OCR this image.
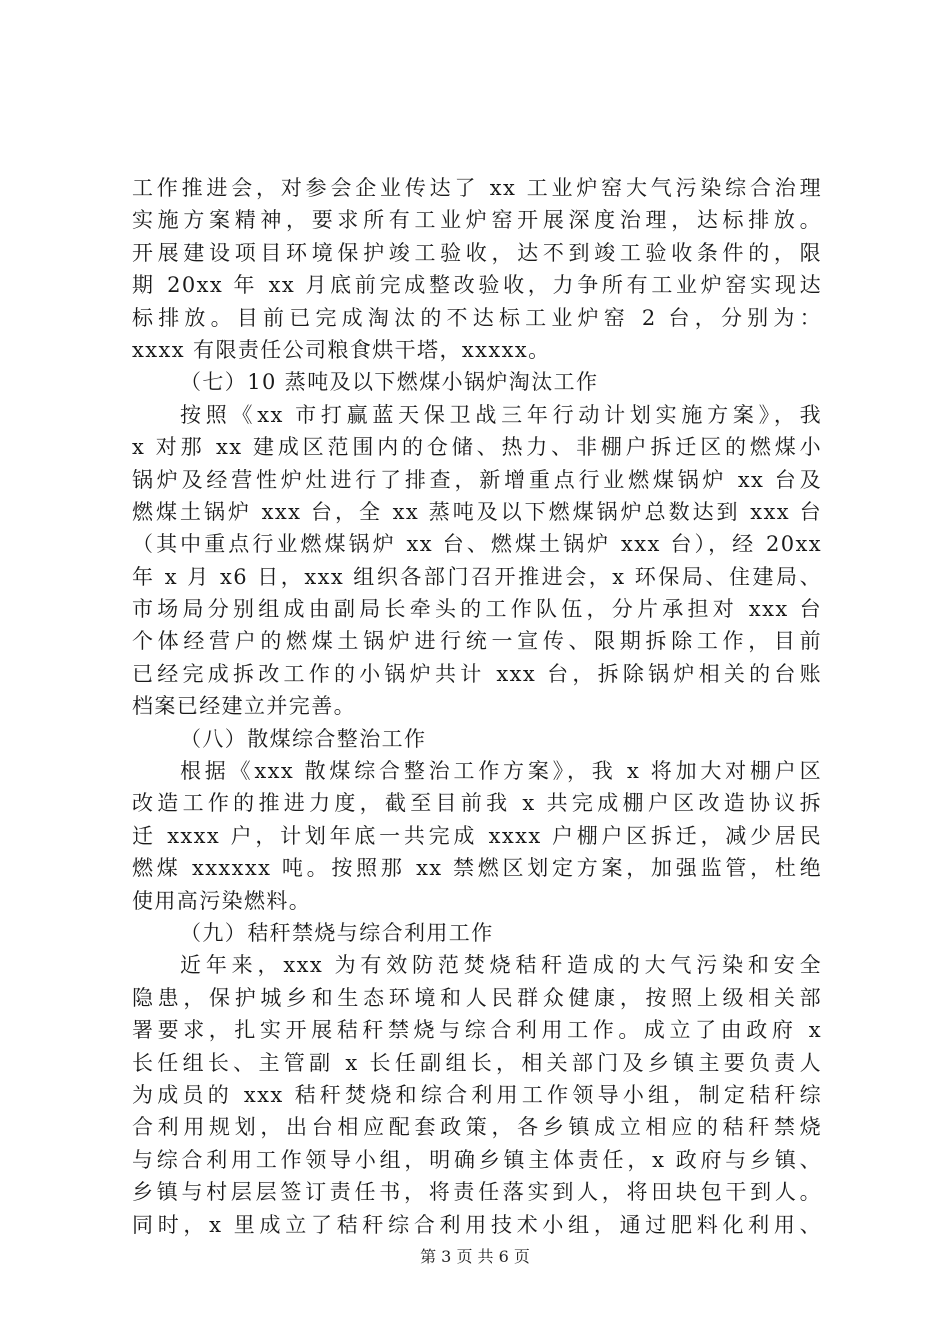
工作推进会，对参会企业传达了 xx 工业炉窑大气污染综合治理
实施方案精神，要求所有工业炉窑开展深度治理，达标排放。
开展建设项目环境保护竣工验收，达不到竣工验收条件的，限
期 20xx 年 xx 月底前完成整改验收，力争所有工业炉窑实现达
标排放。目前已完成淘汰的不达标工业炉窑 2 台，分别为：
xxxx 有限责任公司粮食烘干塔，xxxxx。
（七）10 蒸吨及以下燃煤小锅炉淘汰工作
按照《xx 市打赢蓝天保卫战三年行动计划实施方案》，我
x 对那 xx 建成区范围内的仓储、热力、非棚户拆迁区的燃煤小
锅炉及经营性炉灶进行了排查，新增重点行业燃煤锅炉 xx 台及
燃煤土锅炉 xxx 台，全 xx 蒸吨及以下燃煤锅炉总数达到 xxx 台
（其中重点行业燃煤锅炉 xx 台、燃煤土锅炉 xxx 台），经 20xx
年 x 月 x6 日，xxx 组织各部门召开推进会，x 环保局、住建局、
市场局分别组成由副局长牵头的工作队伍，分片承担对 xxx 台
个体经营户的燃煤土锅炉进行统一宣传、限期拆除工作，目前
已经完成拆改工作的小锅炉共计 xxx 台，拆除锅炉相关的台账
档案已经建立并完善。
（八）散煤综合整治工作
根据《xxx 散煤综合整治工作方案》，我 x 将加大对棚户区
改造工作的推进力度，截至目前我 x 共完成棚户区改造协议拆
迁 xxxx 户，计划年底一共完成 xxxx 户棚户区拆迁，减少居民
燃煤 xxxxxx 吨。按照那 xx 禁燃区划定方案，加强监管，杜绝
使用高污染燃料。
（九）秸秆禁烧与综合利用工作
近年来，xxx 为有效防范焚烧秸秆造成的大气污染和安全
隐患，保护城乡和生态环境和人民群众健康，按照上级相关部
署要求，扎实开展秸秆禁烧与综合利用工作。成立了由政府 x
长任组长、主管副 x 长任副组长，相关部门及乡镇主要负责人
为成员的 xxx 秸秆焚烧和综合利用工作领导小组，制定秸秆综
合利用规划，出台相应配套政策，各乡镇成立相应的秸秆禁烧
与综合利用工作领导小组，明确乡镇主体责任，x 政府与乡镇、
乡镇与村层层签订责任书，将责任落实到人，将田块包干到人。
同时，x 里成立了秸秆综合利用技术小组，通过肥料化利用、
第 3 页 共 6 页
